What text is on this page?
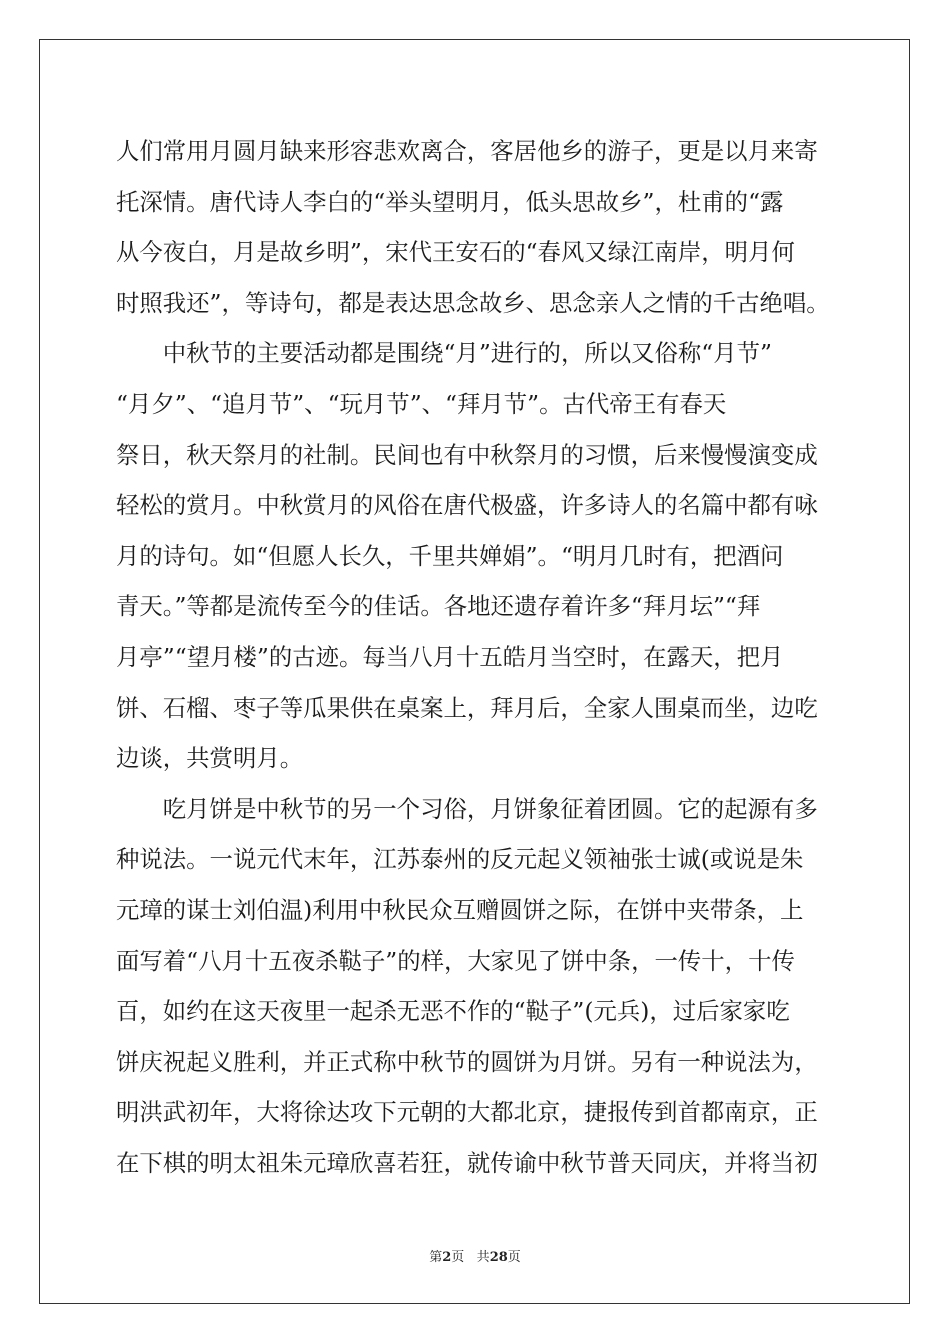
人们常用月圆月缺来形容悲欢离合，客居他乡的游子，更是以月来寄
托深情。唐代诗人李白的“举头望明月，低头思故乡”，杜甫的“露
从今夜白，月是故乡明”，宋代王安石的“春风又绿江南岸，明月何
时照我还”，等诗句，都是表达思念故乡、思念亲人之情的千古绝唱。
　　中秋节的主要活动都是围绕“月”进行的，所以又俗称“月节”
“月夕”、“追月节”、“玩月节”、“拜月节”。古代帝王有春天
祭日，秋天祭月的社制。民间也有中秋祭月的习惯，后来慢慢演变成
轻松的赏月。中秋赏月的风俗在唐代极盛，许多诗人的名篇中都有咏
月的诗句。如“但愿人长久，千里共婵娟”。“明月几时有，把酒问
青天。”等都是流传至今的佳话。各地还遗存着许多“拜月坛”“拜
月亭”“望月楼”的古迹。每当八月十五皓月当空时，在露天，把月
饼、石榴、枣子等瓜果供在桌案上，拜月后，全家人围桌而坐，边吃
边谈，共赏明月。
　　吃月饼是中秋节的另一个习俗，月饼象征着团圆。它的起源有多
种说法。一说元代末年，江苏泰州的反元起义领袖张士诚(或说是朱
元璋的谋士刘伯温)利用中秋民众互赠圆饼之际，在饼中夹带条，上
面写着“八月十五夜杀鞑子”的样，大家见了饼中条，一传十，十传
百，如约在这天夜里一起杀无恶不作的“鞑子”(元兵)，过后家家吃
饼庆祝起义胜利，并正式称中秋节的圆饼为月饼。另有一种说法为，
明洪武初年，大将徐达攻下元朝的大都北京，捷报传到首都南京，正
在下棋的明太祖朱元璋欣喜若狂，就传谕中秋节普天同庆，并将当初
第2页   共28页
